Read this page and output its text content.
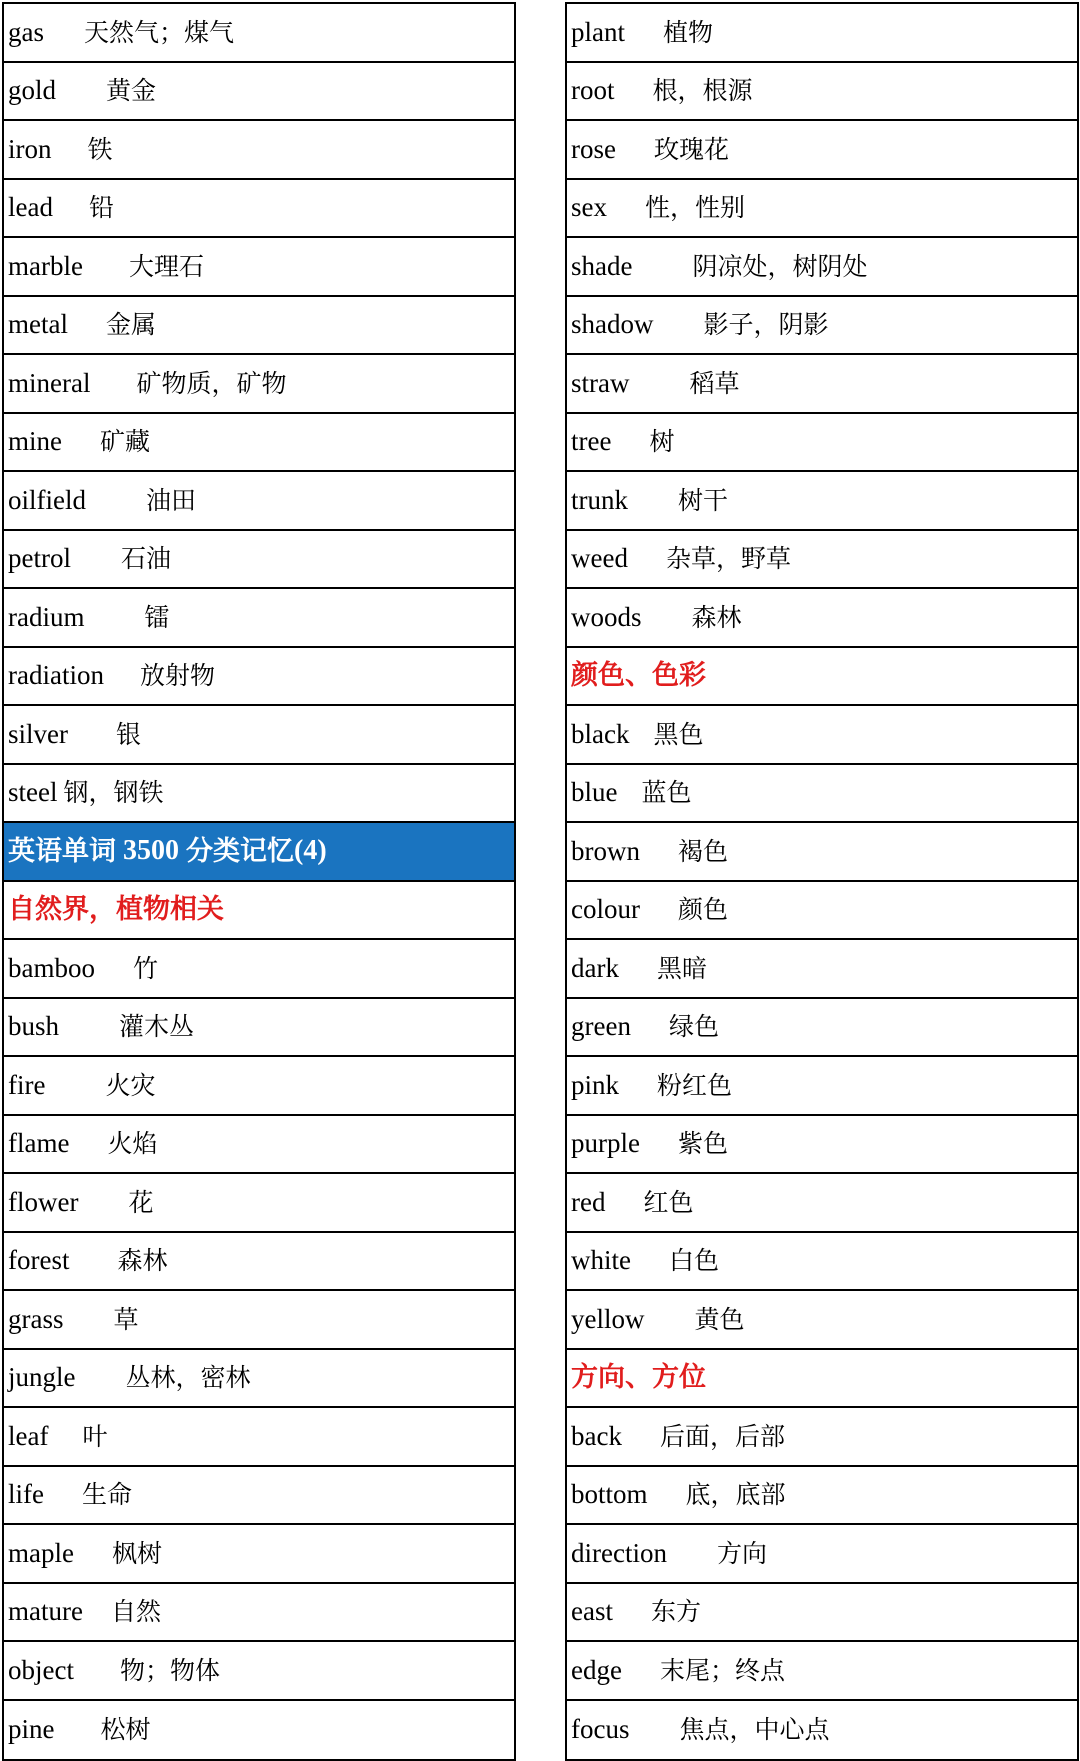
gas 天然气；煤气
gold 黄金
iron 铁
lead 铅
marble 大理石
metal 金属
mineral 矿物质，矿物
mine 矿藏
oilfield 油田
petrol 石油
radium 镭
radiation 放射物
silver 银
steel 钢，钢铁
英语单词 3500 分类记忆 (4)
自然界，植物相关
bamboo 竹
bush 灌木丛
fire 火灾
flame 火焰
flower 花
forest 森林
grass 草
jungle 丛林，密林
leaf 叶
life 生命
maple 枫树
mature 自然
object 物；物体
pine 松树
plant 植物
root 根，根源
rose 玫瑰花
sex 性，性别
shade 阴凉处，树阴处
shadow 影子，阴影
straw 稻草
tree 树
trunk 树干
weed 杂草，野草
woods 森林
颜色、色彩
black 黑色
blue 蓝色
brown 褐色
colour 颜色
dark 黑暗
green 绿色
pink 粉红色
purple 紫色
red 红色
white 白色
yellow 黄色
方向、方位
back 后面，后部
bottom 底，底部
direction 方向
east 东方
edge 末尾；终点
focus 焦点，中心点
